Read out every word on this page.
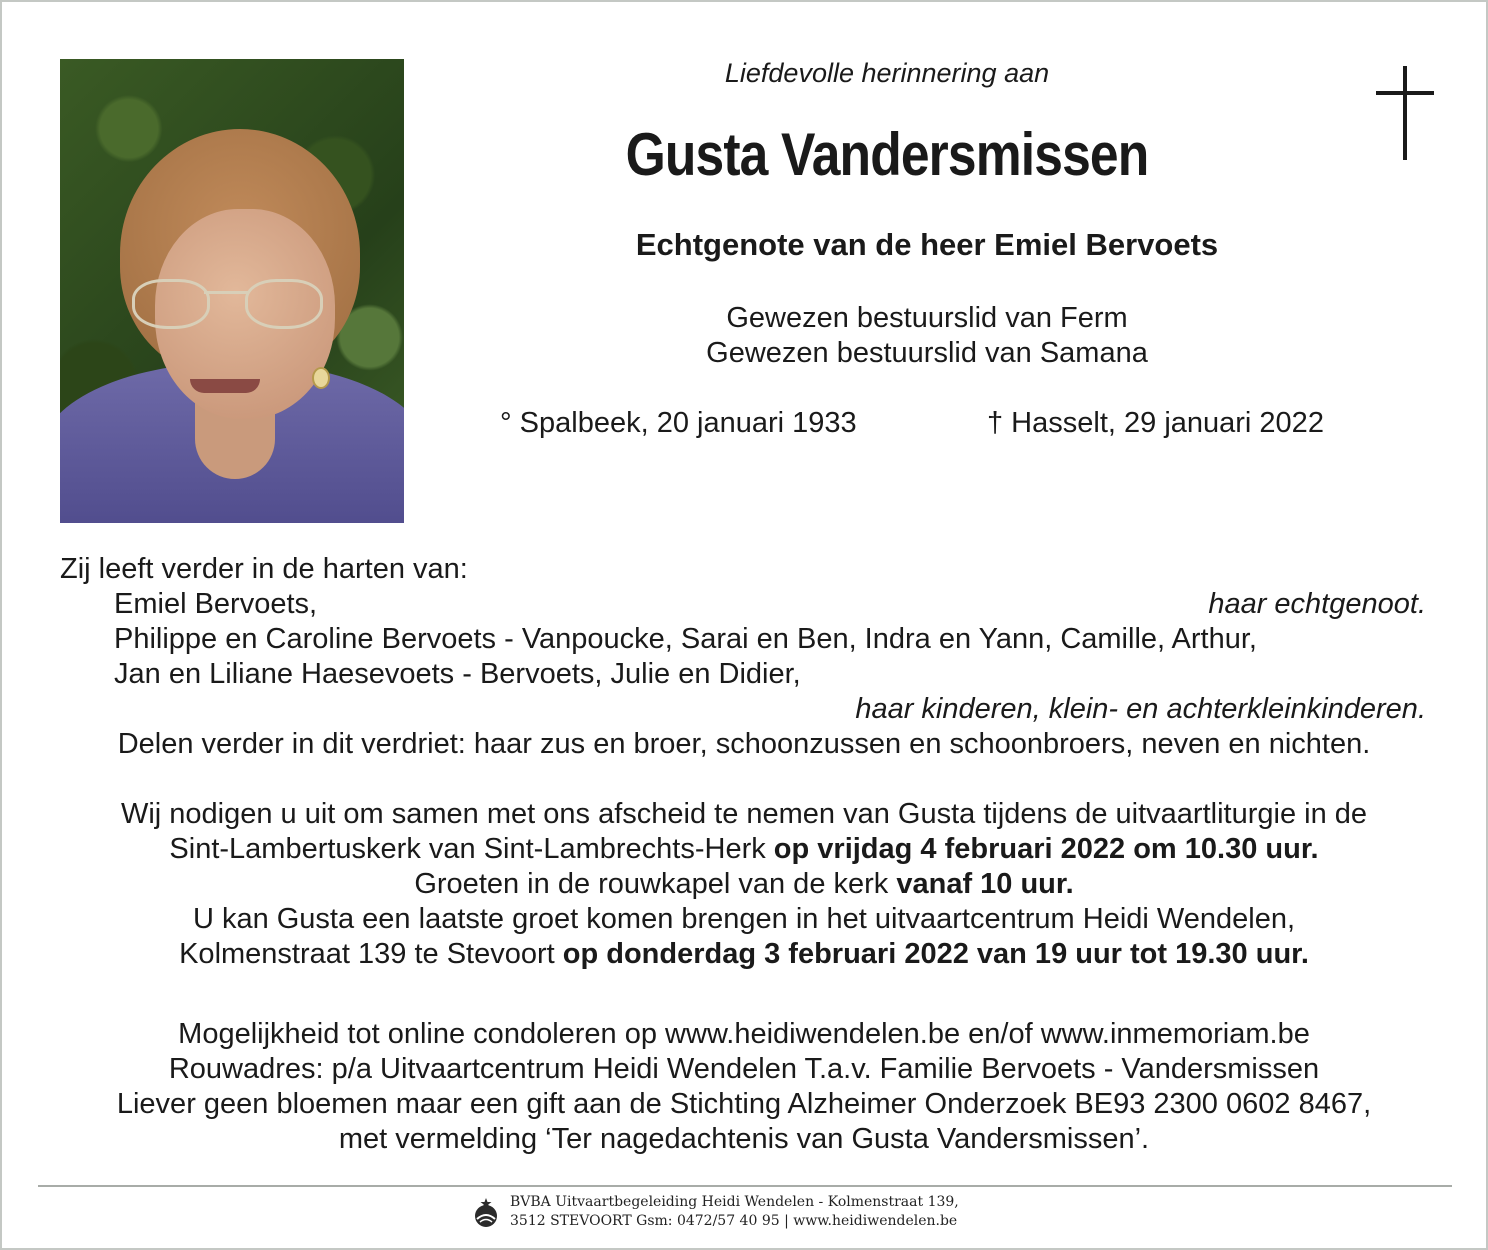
Liefdevolle herinnering aan
Gusta Vandersmissen
Echtgenote van de heer Emiel Bervoets
Gewezen bestuurslid van Ferm
Gewezen bestuurslid van Samana
° Spalbeek, 20 januari 1933	† Hasselt, 29 januari 2022
Zij leeft verder in de harten van:
Emiel Bervoets,	haar echtgenoot.
Philippe en Caroline Bervoets - Vanpoucke, Sarai en Ben, Indra en Yann, Camille, Arthur,
Jan en Liliane Haesevoets - Bervoets, Julie en Didier,
haar kinderen, klein- en achterkleinkinderen.
Delen verder in dit verdriet: haar zus en broer, schoonzussen en schoonbroers, neven en nichten.
Wij nodigen u uit om samen met ons afscheid te nemen van Gusta tijdens de uitvaartliturgie in de
Sint-Lambertuskerk van Sint-Lambrechts-Herk op vrijdag 4 februari 2022 om 10.30 uur.
Groeten in de rouwkapel van de kerk vanaf 10 uur.
U kan Gusta een laatste groet komen brengen in het uitvaartcentrum Heidi Wendelen,
Kolmenstraat 139 te Stevoort op donderdag 3 februari 2022 van 19 uur tot 19.30 uur.
Mogelijkheid tot online condoleren op www.heidiwendelen.be en/of www.inmemoriam.be
Rouwadres: p/a Uitvaartcentrum Heidi Wendelen T.a.v. Familie Bervoets - Vandersmissen
Liever geen bloemen maar een gift aan de Stichting Alzheimer Onderzoek BE93 2300 0602 8467,
met vermelding ‘Ter nagedachtenis van Gusta Vandersmissen’.
BVBA Uitvaartbegeleiding Heidi Wendelen - Kolmenstraat 139,
3512 STEVOORT Gsm: 0472/57 40 95 | www.heidiwendelen.be
